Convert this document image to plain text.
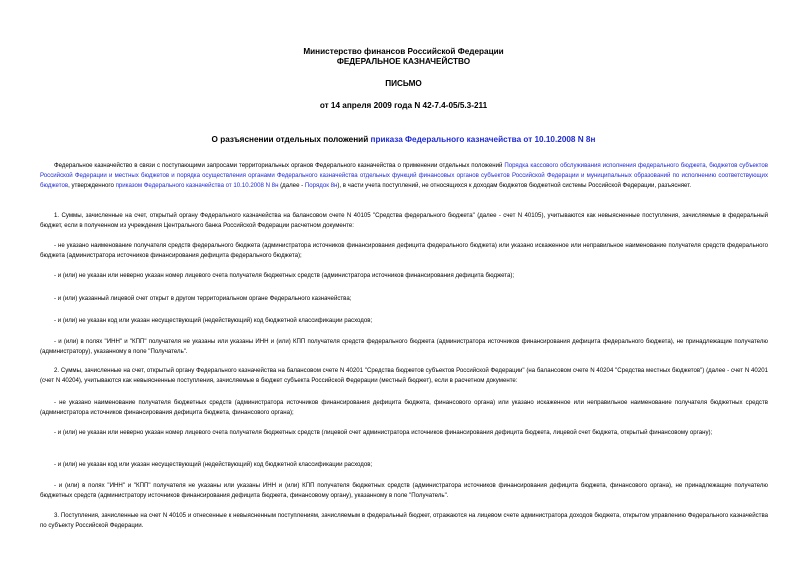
Министерство финансов Российской Федерации
ФЕДЕРАЛЬНОЕ КАЗНАЧЕЙСТВО
ПИСЬМО
от 14 апреля 2009 года N 42-7.4-05/5.3-211
О разъяснении отдельных положений приказа Федерального казначейства от 10.10.2008 N 8н
Федеральное казначейство в связи с поступающими запросами территориальных органов Федерального казначейства о применении отдельных положений Порядка кассового обслуживания исполнения федерального бюджета, бюджетов субъектов Российской Федерации и местных бюджетов и порядка осуществления органами Федерального казначейства отдельных функций финансовых органов субъектов Российской Федерации и муниципальных образований по исполнению соответствующих бюджетов, утвержденного приказом Федерального казначейства от 10.10.2008 N 8н (далее - Порядок 8н), в части учета поступлений, не относящихся к доходам бюджетов бюджетной системы Российской Федерации, разъясняет.
1. Суммы, зачисленные на счет, открытый органу Федерального казначейства на балансовом счете N 40105 "Средства федерального бюджета" (далее - счет N 40105), учитываются как невыясненные поступления, зачисляемые в федеральный бюджет, если в полученном из учреждения Центрального банка Российской Федерации расчетном документе:
- не указано наименование получателя средств федерального бюджета (администратора источников финансирования дефицита федерального бюджета) или указано искаженное или неправильное наименование получателя средств федерального бюджета (администратора источников финансирования дефицита федерального бюджета);
- и (или) не указан или неверно указан номер лицевого счета получателя бюджетных средств (администратора источников финансирования дефицита бюджета);
- и (или) указанный лицевой счет открыт в другом территориальном органе Федерального казначейства;
- и (или) не указан код или указан несуществующий (недействующий) код бюджетной классификации расходов;
- и (или) в полях "ИНН" и "КПП" получателя не указаны или указаны ИНН и (или) КПП получателя средств федерального бюджета (администратора источников финансирования дефицита федерального бюджета), не принадлежащие получателю (администратору), указанному в поле "Получатель".
2. Суммы, зачисленные на счет, открытый органу Федерального казначейства на балансовом счете N 40201 "Средства бюджетов субъектов Российской Федерации" (на балансовом счете N 40204 "Средства местных бюджетов") (далее - счет N 40201 (счет N 40204), учитываются как невыясненные поступления, зачисляемые в бюджет субъекта Российской Федерации (местный бюджет), если в расчетном документе:
- не указано наименование получателя бюджетных средств (администратора источников финансирования дефицита бюджета, финансового органа) или указано искаженное или неправильное наименование получателя бюджетных средств (администратора источников финансирования дефицита бюджета, финансового органа);
- и (или) не указан или неверно указан номер лицевого счета получателя бюджетных средств (лицевой счет администратора источников финансирования дефицита бюджета, лицевой счет бюджета, открытый финансовому органу);
- и (или) не указан код или указан несуществующий (недействующий) код бюджетной классификации расходов;
- и (или) в полях "ИНН" и "КПП" получателя не указаны или указаны ИНН и (или) КПП получателя бюджетных средств (администратора источников финансирования дефицита бюджета, финансового органа), не принадлежащие получателю бюджетных средств (администратору источников финансирования дефицита бюджета, финансовому органу), указанному в поле "Получатель".
3. Поступления, зачисленные на счет N 40105 и отнесенные к невыясненным поступлениям, зачисляемым в федеральный бюджет, отражаются на лицевом счете администратора доходов бюджета, открытом управлению Федерального казначейства по субъекту Российской Федерации.
